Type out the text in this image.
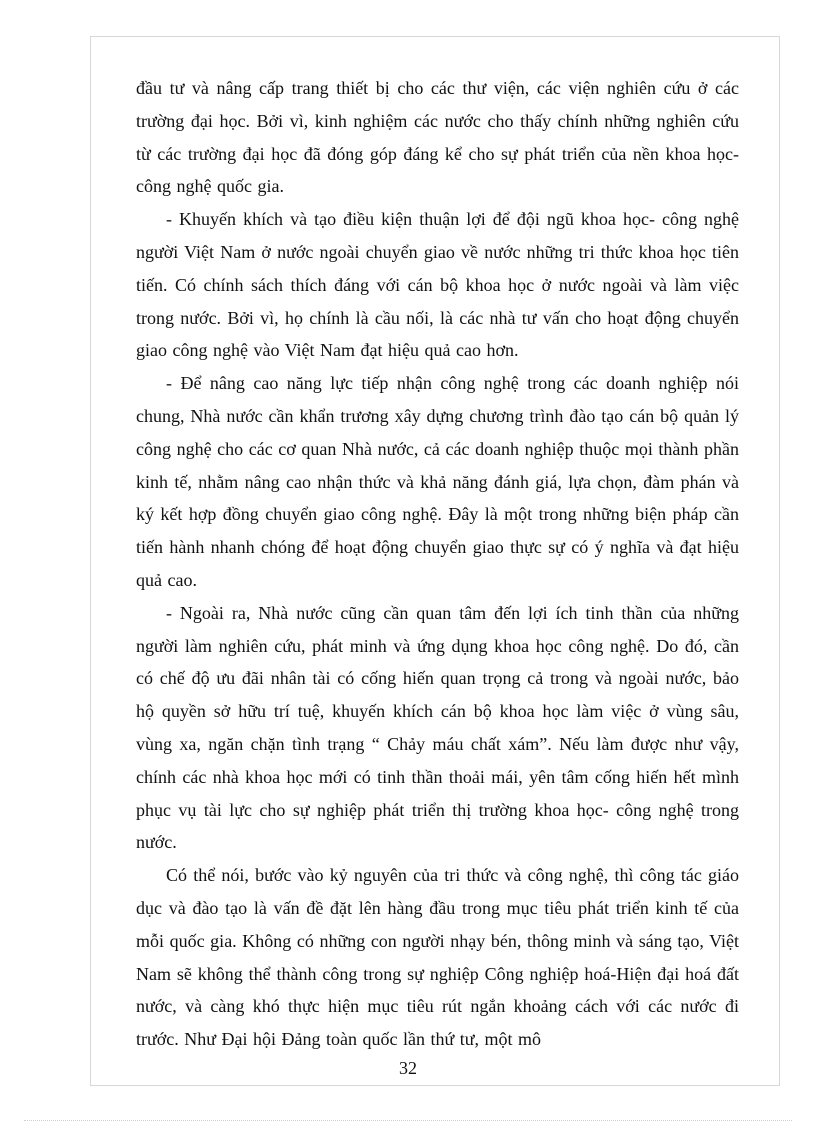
đầu tư và nâng cấp trang thiết bị cho các thư viện, các viện nghiên cứu ở các trường đại học. Bởi vì, kinh nghiệm các nước cho thấy chính những nghiên cứu từ các trường đại học đã đóng góp đáng kể cho sự phát triển của nền khoa học- công nghệ quốc gia.

- Khuyến khích và tạo điều kiện thuận lợi để đội ngũ khoa học- công nghệ người Việt Nam ở nước ngoài chuyển giao về nước những tri thức khoa học tiên tiến. Có chính sách thích đáng với cán bộ khoa học ở nước ngoài và làm việc trong nước. Bởi vì, họ chính là cầu nối, là các nhà tư vấn cho hoạt động chuyển giao công nghệ vào Việt Nam đạt hiệu quả cao hơn.

- Để nâng cao năng lực tiếp nhận công nghệ trong các doanh nghiệp nói chung, Nhà nước cần khẩn trương xây dựng chương trình đào tạo cán bộ quản lý công nghệ cho các cơ quan Nhà nước, cả các doanh nghiệp thuộc mọi thành phần kinh tế, nhằm nâng cao nhận thức và khả năng đánh giá, lựa chọn, đàm phán và ký kết hợp đồng chuyển giao công nghệ. Đây là một trong những biện pháp cần tiến hành nhanh chóng để hoạt động chuyển giao thực sự có ý nghĩa và đạt hiệu quả cao.

- Ngoài ra, Nhà nước cũng cần quan tâm đến lợi ích tinh thần của những người làm nghiên cứu, phát minh và ứng dụng khoa học công nghệ. Do đó, cần có chế độ ưu đãi nhân tài có cống hiến quan trọng cả trong và ngoài nước, bảo hộ quyền sở hữu trí tuệ, khuyến khích cán bộ khoa học làm việc ở vùng sâu, vùng xa, ngăn chặn tình trạng “ Chảy máu chất xám”. Nếu làm được như vậy, chính các nhà khoa học mới có tinh thần thoải mái, yên tâm cống hiến hết mình phục vụ tài lực cho sự nghiệp phát triển thị trường khoa học- công nghệ trong nước.

Có thể nói, bước vào kỷ nguyên của tri thức và công nghệ, thì công tác giáo dục và đào tạo là vấn đề đặt lên hàng đầu trong mục tiêu phát triển kinh tế của mỗi quốc gia. Không có những con người nhạy bén, thông minh và sáng tạo, Việt Nam sẽ không thể thành công trong sự nghiệp Công nghiệp hoá-Hiện đại hoá đất nước, và càng khó thực hiện mục tiêu rút ngắn khoảng cách với các nước đi trước. Như Đại hội Đảng toàn quốc lần thứ tư, một mô

32
